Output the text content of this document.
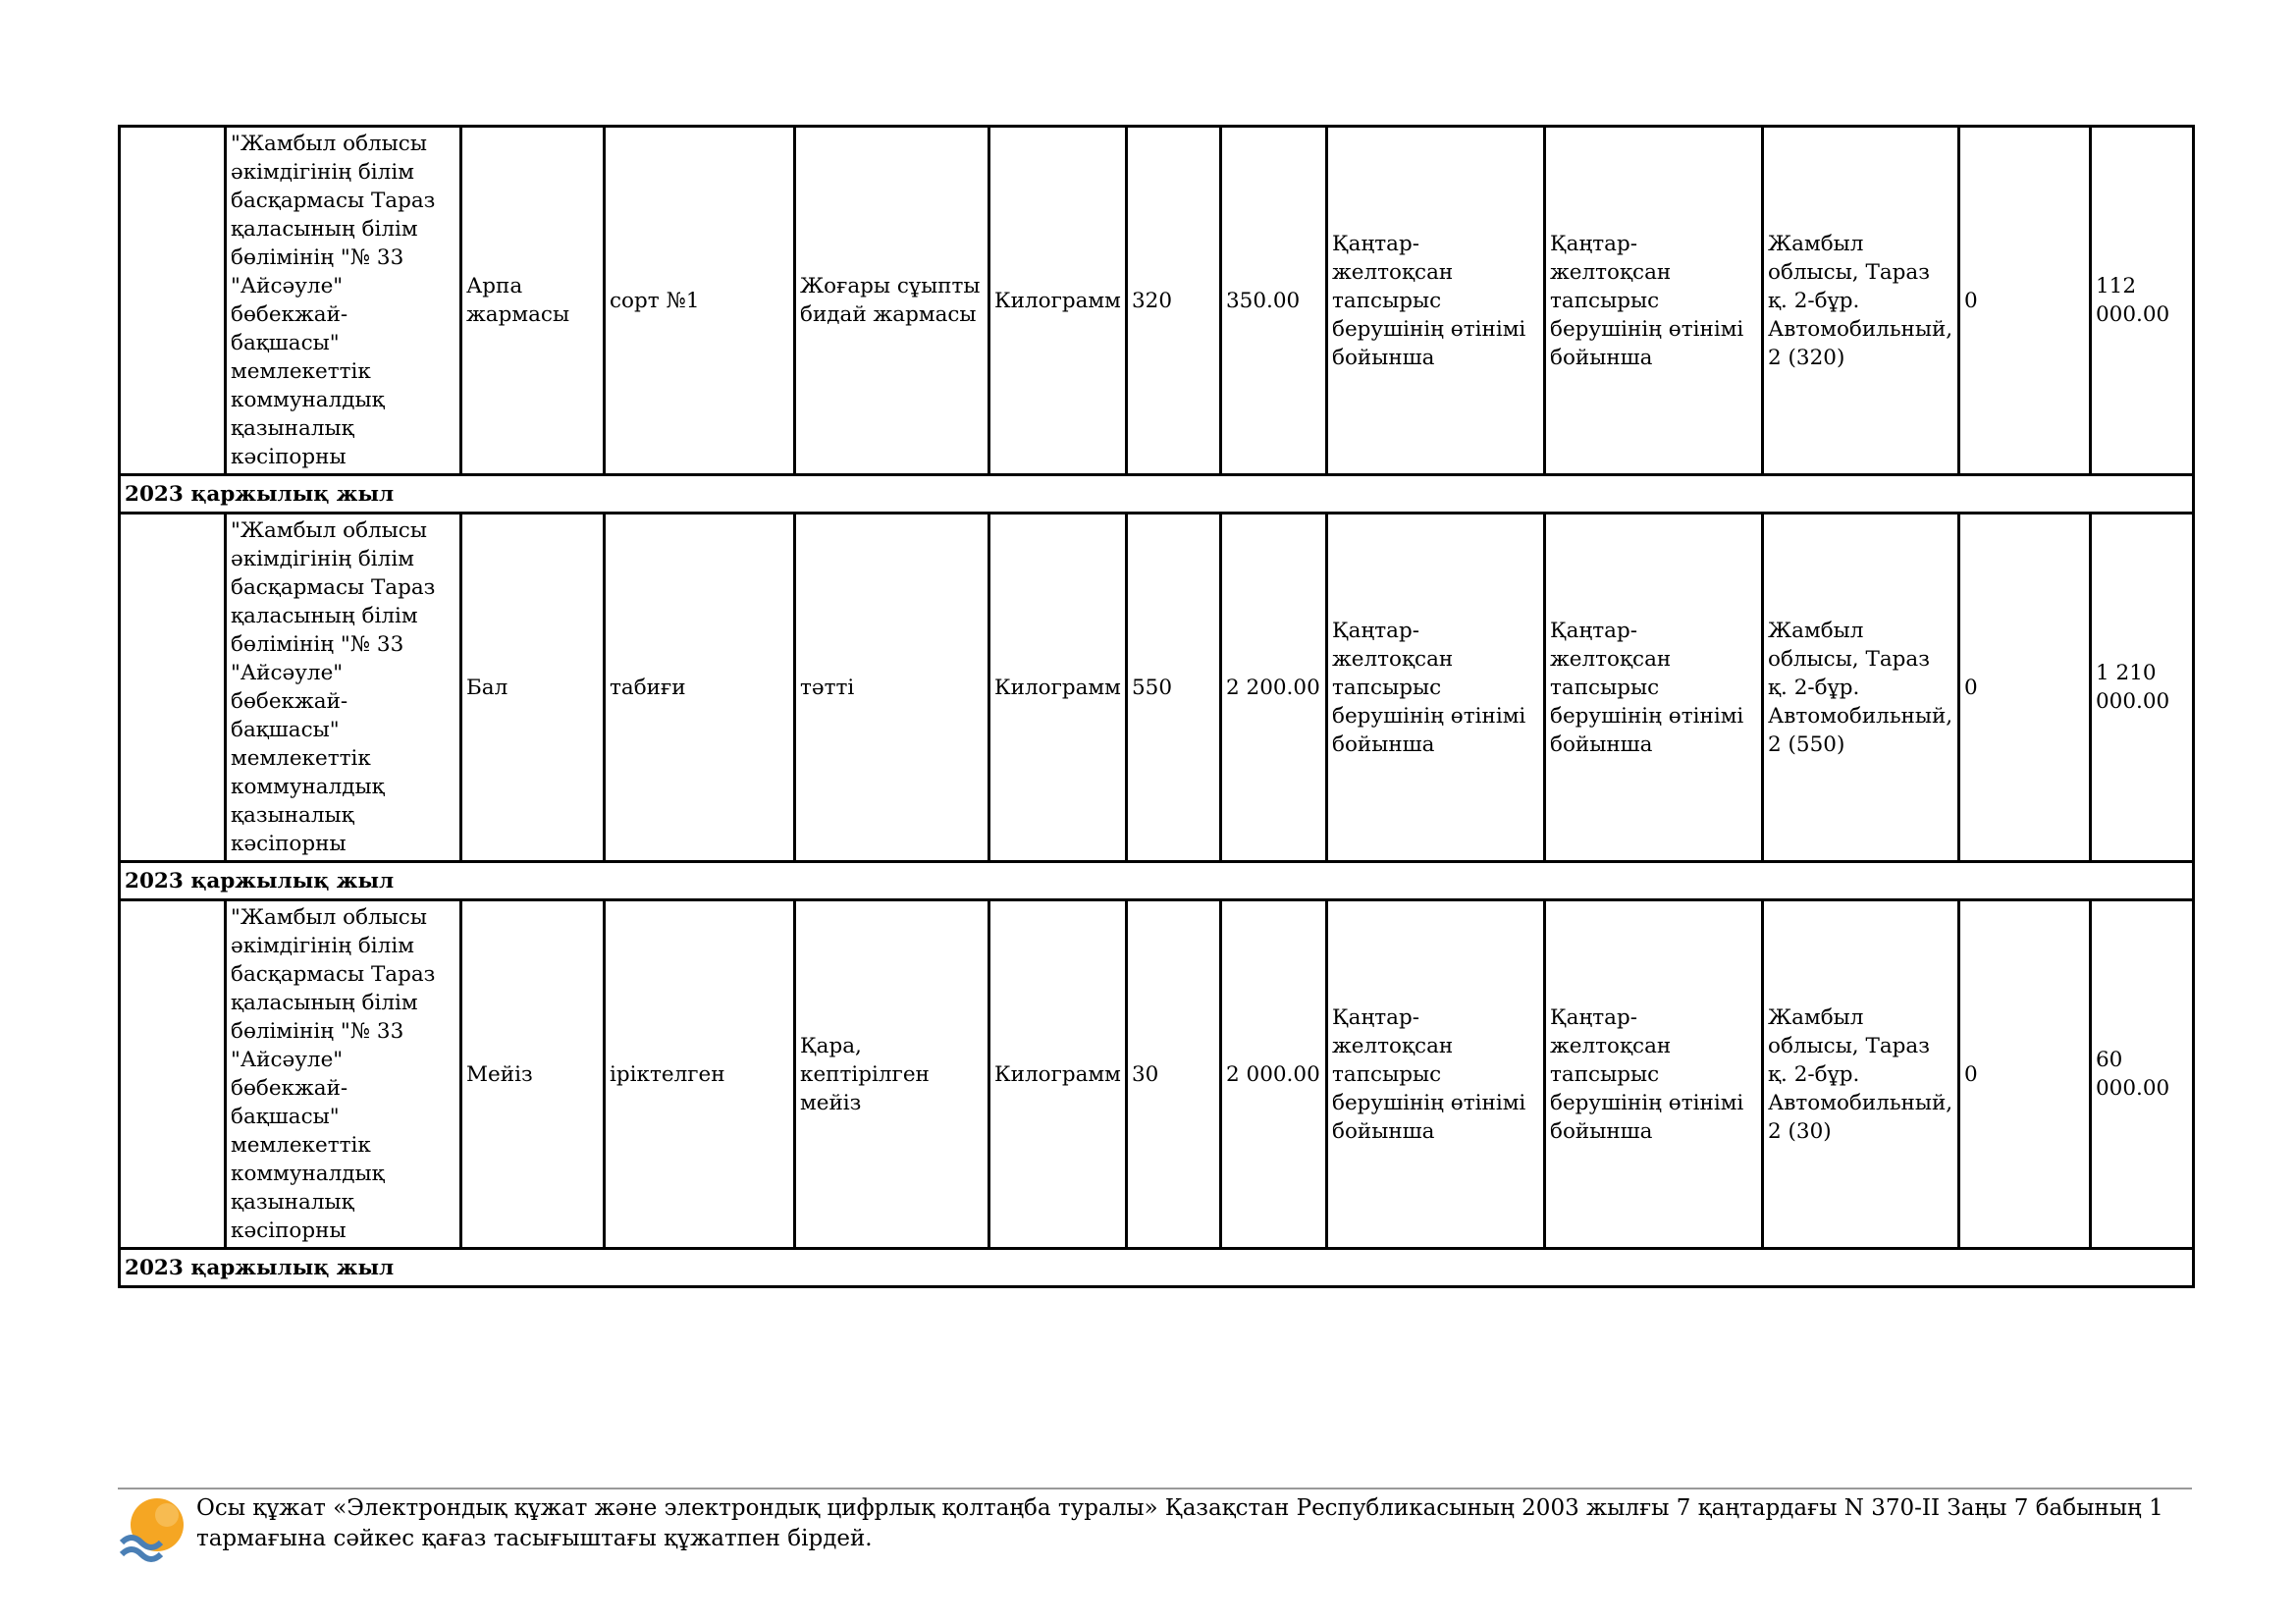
	"Жамбыл облысы әкімдігінің білім басқармасы Тараз қаласының білім бөлімінің "№ 33 "Айсәуле" бөбекжай-бақшасы" мемлекеттік коммуналдық қазыналық кәсіпорны	Арпа жармасы	сорт №1	Жоғары сұыпты бидай жармасы	Килограмм	320	350.00	Қаңтар-желтоқсан тапсырыс берушінің өтінімі бойынша	Қаңтар-желтоқсан тапсырыс берушінің өтінімі бойынша	Жамбыл облысы, Тараз қ. 2-бұр. Автомобильный, 2 (320)	0	112 000.00
2023 қаржылық жыл												
	"Жамбыл облысы әкімдігінің білім басқармасы Тараз қаласының білім бөлімінің "№ 33 "Айсәуле" бөбекжай-бақшасы" мемлекеттік коммуналдық қазыналық кәсіпорны	Бал	табиғи	тәтті	Килограмм	550	2 200.00	Қаңтар-желтоқсан тапсырыс берушінің өтінімі бойынша	Қаңтар-желтоқсан тапсырыс берушінің өтінімі бойынша	Жамбыл облысы, Тараз қ. 2-бұр. Автомобильный, 2 (550)	0	1 210 000.00
2023 қаржылық жыл												
	"Жамбыл облысы әкімдігінің білім басқармасы Тараз қаласының білім бөлімінің "№ 33 "Айсәуле" бөбекжай-бақшасы" мемлекеттік коммуналдық қазыналық кәсіпорны	Мейіз	іріктелген	Қара, кептірілген мейіз	Килограмм	30	2 000.00	Қаңтар-желтоқсан тапсырыс берушінің өтінімі бойынша	Қаңтар-желтоқсан тапсырыс берушінің өтінімі бойынша	Жамбыл облысы, Тараз қ. 2-бұр. Автомобильный, 2 (30)	0	60 000.00
2023 қаржылық жыл												
Осы құжат «Электрондық құжат және электрондық цифрлық қолтаңба туралы» Қазақстан Республикасының 2003 жылғы 7 қаңтардағы N 370-II Заңы 7 бабының 1 тармағына сәйкес қағаз тасығыштағы құжатпен бірдей.
